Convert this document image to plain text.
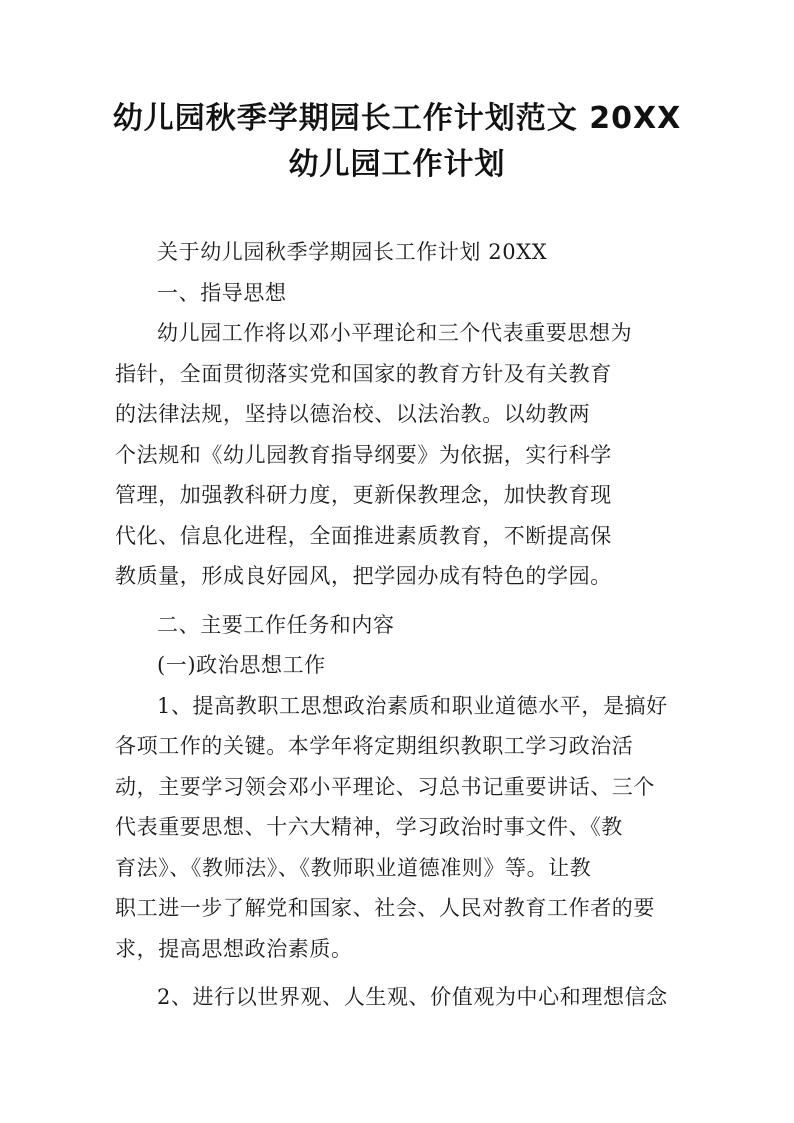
幼儿园秋季学期园长工作计划范文 20XX 幼儿园工作计划

关于幼儿园秋季学期园长工作计划 20XX

一、指导思想

幼儿园工作将以邓小平理论和三个代表重要思想为

指针，全面贯彻落实党和国家的教育方针及有关教育

的法律法规，坚持以德治校、以法治教。以幼教两

个法规和《幼儿园教育指导纲要》为依据，实行科学

管理，加强教科研力度，更新保教理念，加快教育现

代化、信息化进程，全面推进素质教育，不断提高保

教质量，形成良好园风，把学园办成有特色的学园。

二、主要工作任务和内容

(一)政治思想工作

1、提高教职工思想政治素质和职业道德水平，是搞好

各项工作的关键。本学年将定期组织教职工学习政治活

动，主要学习领会邓小平理论、习总书记重要讲话、三个

代表重要思想、十六大精神，学习政治时事文件、《教

育法》、《教师法》、《教师职业道德准则》等。让教

职工进一步了解党和国家、社会、人民对教育工作者的要

求，提高思想政治素质。

2、进行以世界观、人生观、价值观为中心和理想信念
